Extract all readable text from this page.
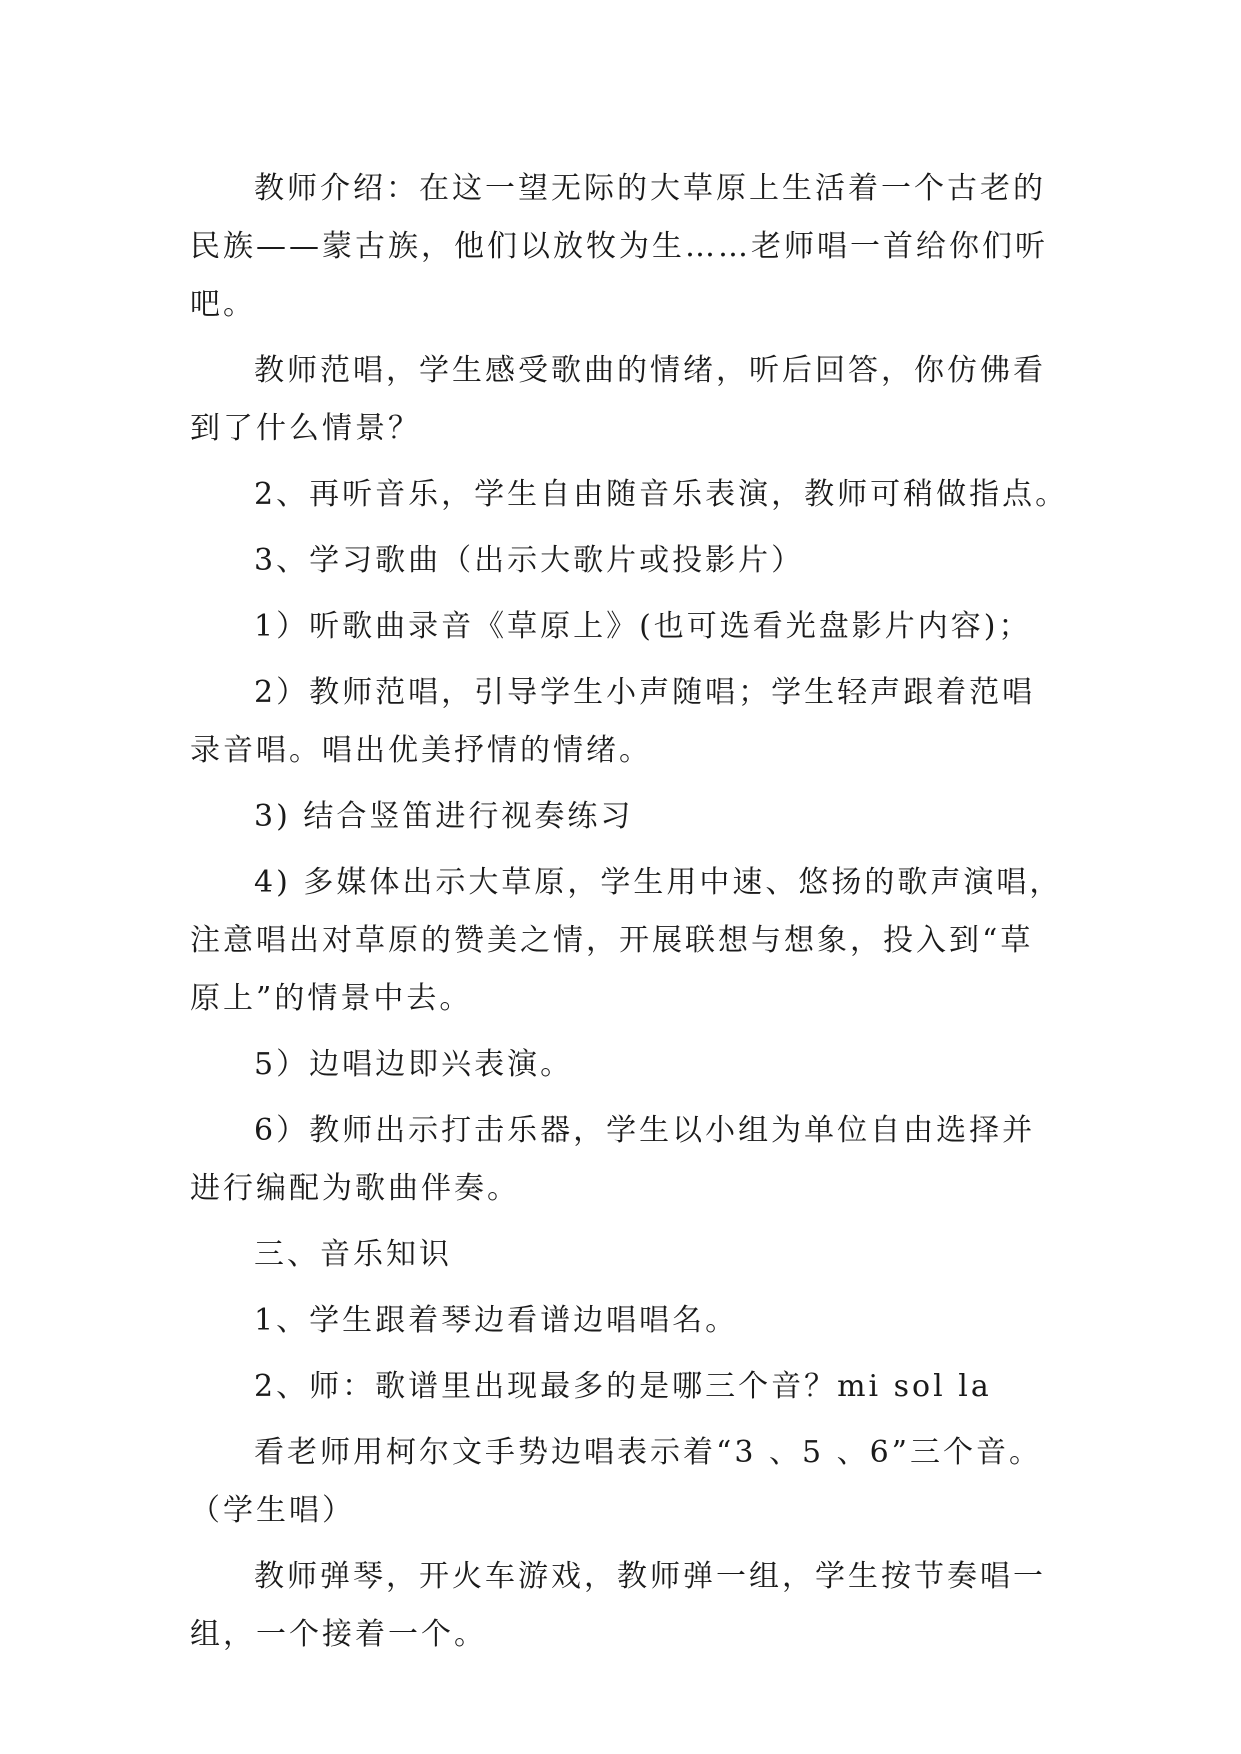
教师介绍：在这一望无际的大草原上生活着一个古老的
民族——蒙古族，他们以放牧为生……老师唱一首给你们听
吧。
教师范唱，学生感受歌曲的情绪，听后回答，你仿佛看
到了什么情景？
2、再听音乐，学生自由随音乐表演，教师可稍做指点。
3、学习歌曲（出示大歌片或投影片）
1）听歌曲录音《草原上》(也可选看光盘影片内容)；
2）教师范唱，引导学生小声随唱；学生轻声跟着范唱
录音唱。唱出优美抒情的情绪。
3) 结合竖笛进行视奏练习
4) 多媒体出示大草原，学生用中速、悠扬的歌声演唱，
注意唱出对草原的赞美之情，开展联想与想象，投入到“草
原上”的情景中去。
5）边唱边即兴表演。
6）教师出示打击乐器，学生以小组为单位自由选择并
进行编配为歌曲伴奏。
三、音乐知识
1、学生跟着琴边看谱边唱唱名。
2、师：歌谱里出现最多的是哪三个音？mi sol la
看老师用柯尔文手势边唱表示着“3 、5 、6”三个音。
（学生唱）
教师弹琴，开火车游戏，教师弹一组，学生按节奏唱一
组，一个接着一个。
